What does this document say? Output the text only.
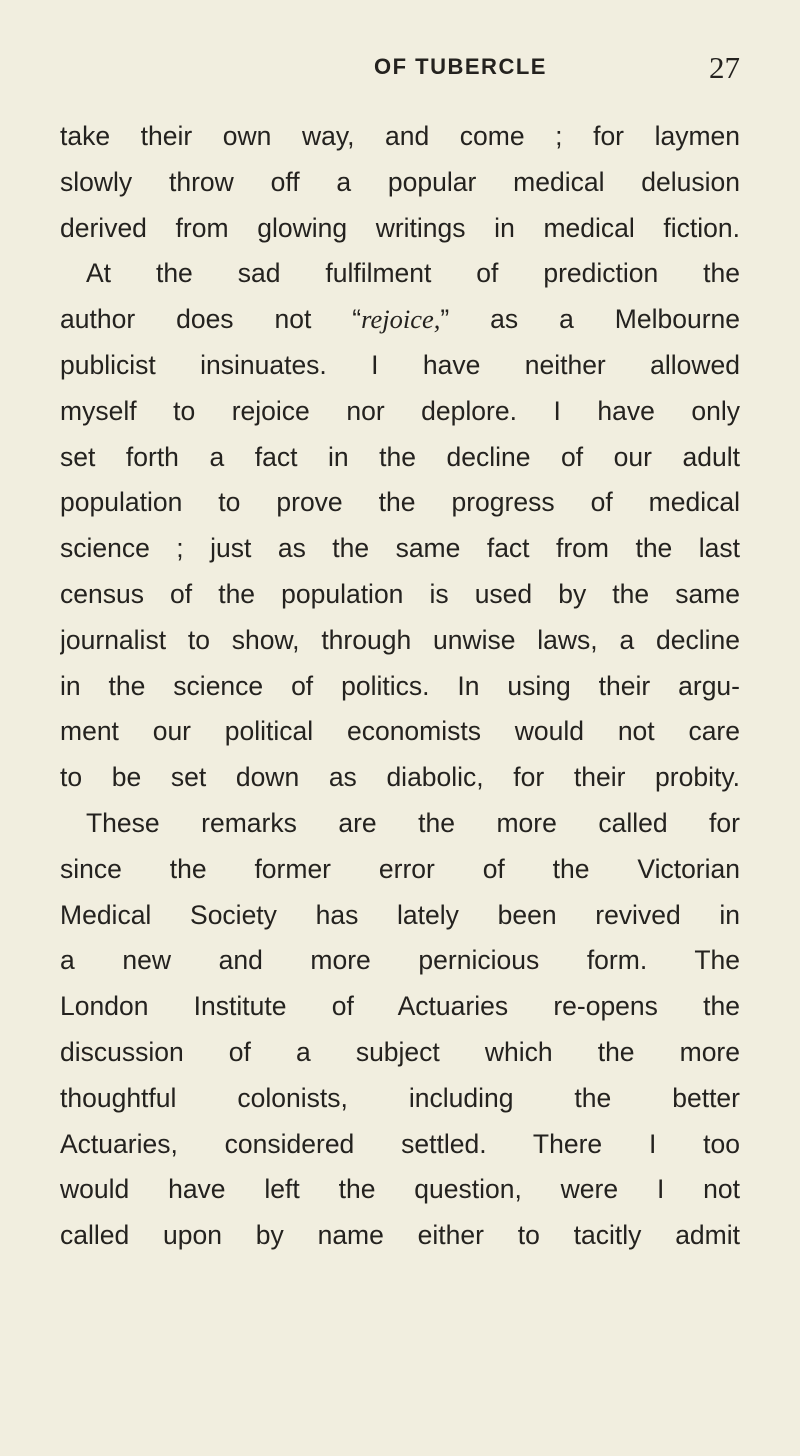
OF TUBERCLE	27
take their own way, and come ; for laymen
slowly throw off a popular medical delusion
derived from glowing writings in medical fiction.
At the sad fulfilment of prediction the
author does not “rejoice,” as a Melbourne
publicist insinuates. I have neither allowed
myself to rejoice nor deplore. I have only
set forth a fact in the decline of our adult
population to prove the progress of medical
science ; just as the same fact from the last
census of the population is used by the same
journalist to show, through unwise laws, a decline
in the science of politics. In using their argu-
ment our political economists would not care
to be set down as diabolic, for their probity.
These remarks are the more called for
since the former error of the Victorian
Medical Society has lately been revived in
a new and more pernicious form. The
London Institute of Actuaries re-opens the
discussion of a subject which the more
thoughtful colonists, including the better
Actuaries, considered settled. There I too
would have left the question, were I not
called upon by name either to tacitly admit
